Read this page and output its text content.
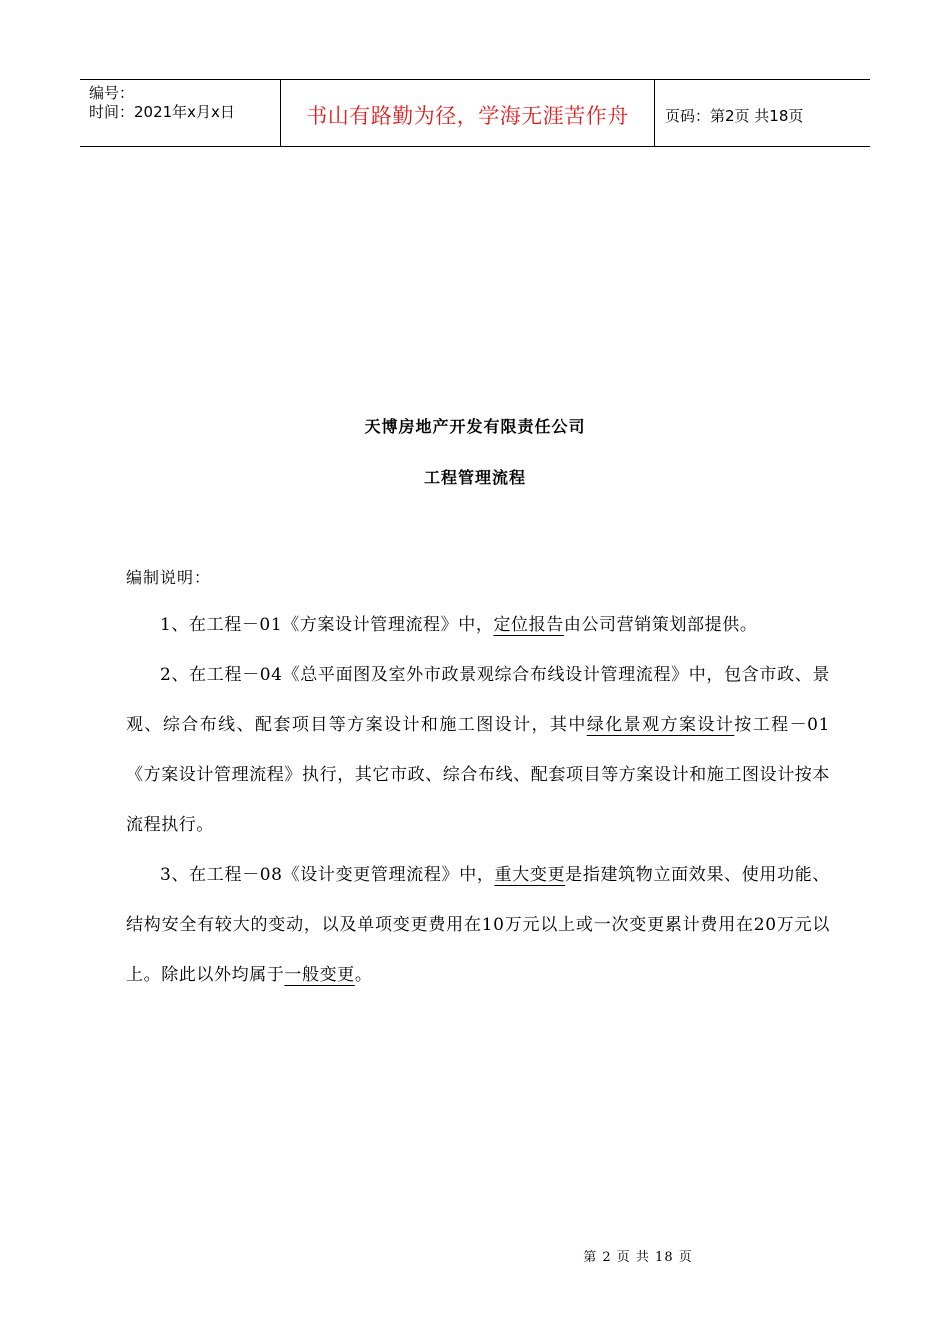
编号：
时间：2021年x月x日	书山有路勤为径，学海无涯苦作舟 页码：第2页 共18页
天博房地产开发有限责任公司
工程管理流程
编制说明：

1、在工程－01《方案设计管理流程》中，定位报告由公司营销策划部提供。

2、在工程－04《总平面图及室外市政景观综合布线设计管理流程》中，包含市政、景观、综合布线、配套项目等方案设计和施工图设计，其中绿化景观方案设计按工程－01《方案设计管理流程》执行，其它市政、综合布线、配套项目等方案设计和施工图设计按本流程执行。

3、在工程－08《设计变更管理流程》中，重大变更是指建筑物立面效果、使用功能、结构安全有较大的变动，以及单项变更费用在10万元以上或一次变更累计费用在20万元以上。除此以外均属于一般变更。

第 2 页 共 18 页
